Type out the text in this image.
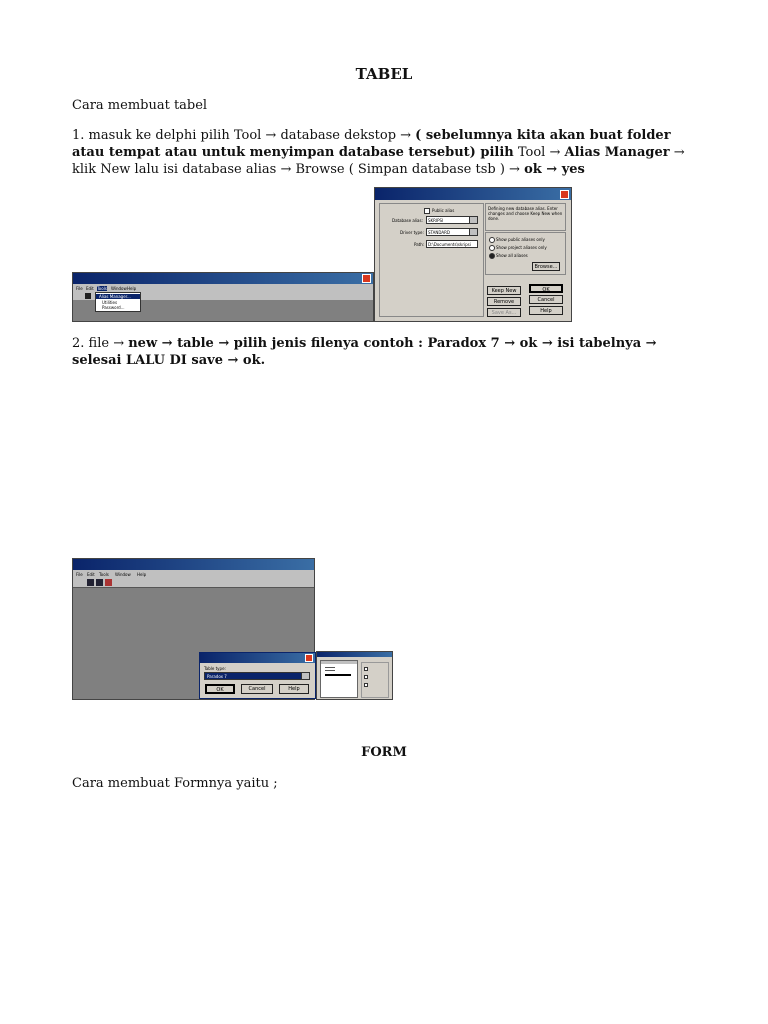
TABEL
Cara membuat tabel
1. masuk ke delphi pilih Tool → database dekstop → ( sebelumnya kita akan buat folder atau tempat atau untuk menyimpan database tersebut) pilih Tool → Alias Manager → klik New lalu isi database alias → Browse ( Simpan database tsb ) → ok → yes
File Edit Tools Window Help
Alias Manager...
Utilities
Password...
Public alias
Database alias: SKRIPSI
Driver type: STANDARD
Path: D:\Documents\skripsi
Defining new database alias. Enter changes and choose Keep New when done.
Show public aliases only
Show project aliases only
Show all aliases
Browse...
Keep New
Remove
Save As...
OK
Cancel
Help
2. file → new → table → pilih jenis filenya contoh : Paradox 7 → ok → isi tabelnya → selesai LALU DI save → ok.
File Edit Tools Window Help
Table type:
Paradox 7
OK	Cancel	Help
FORM
Cara membuat Formnya yaitu ;
